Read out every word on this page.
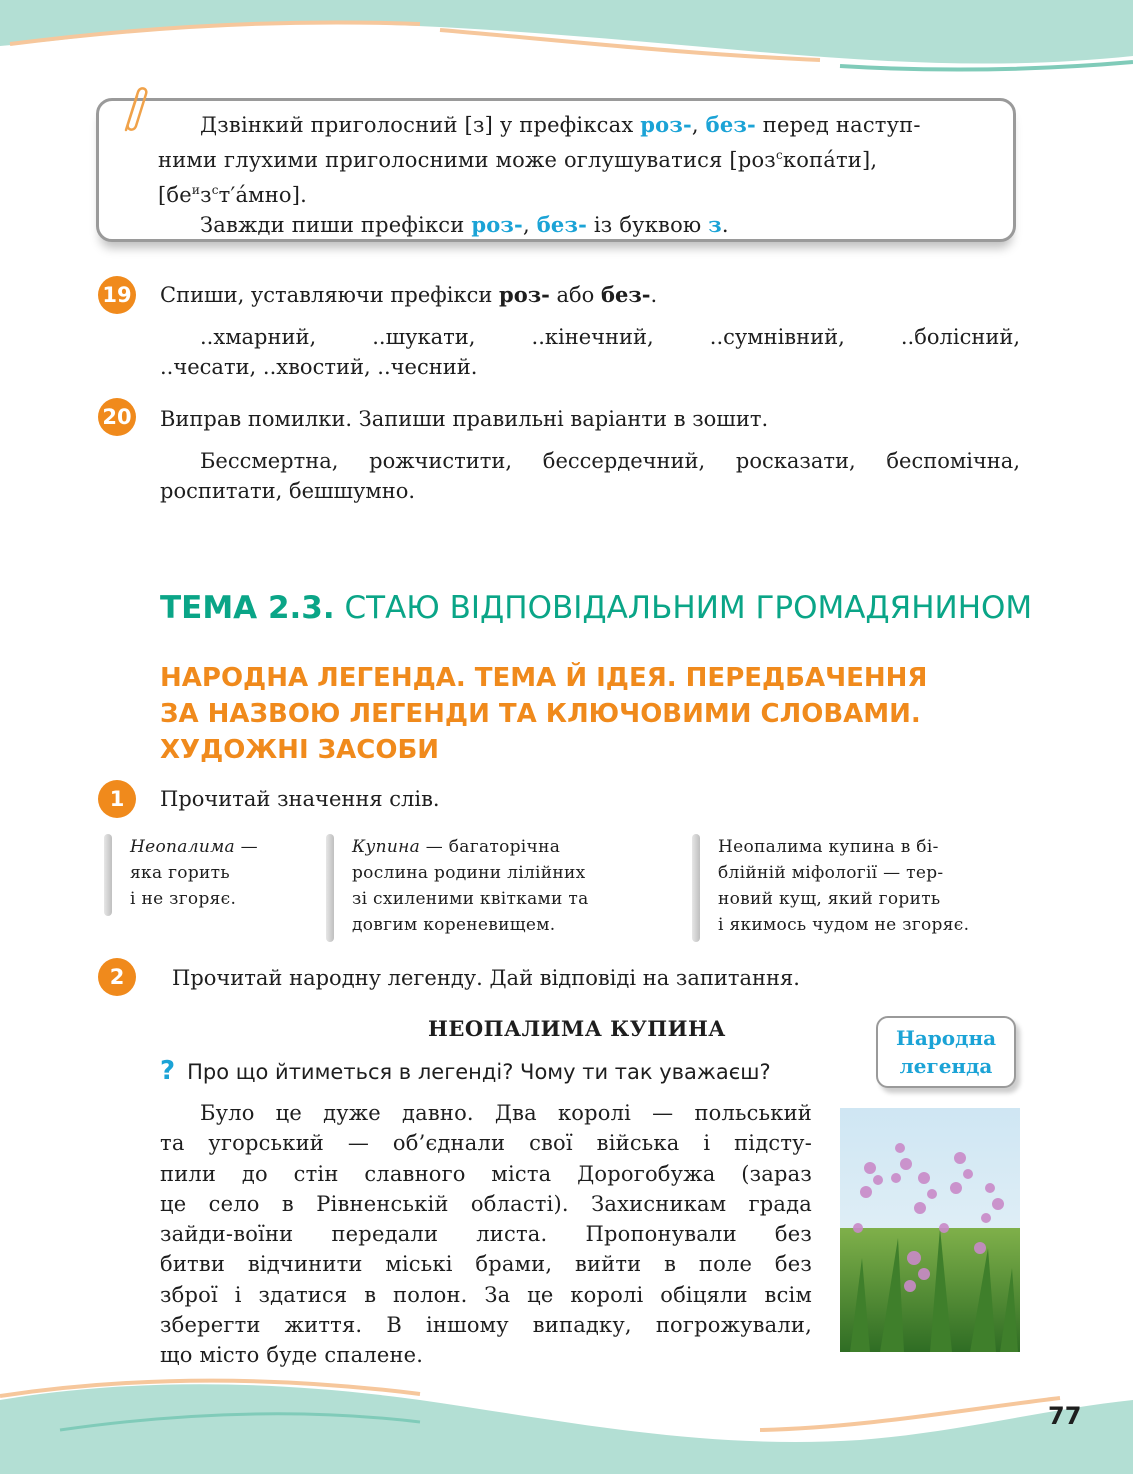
Дзвінкий приголосний [з] у префіксах роз-, без- перед наступ-
ними глухими приголосними може оглушуватися [роз$^с$копа́ти],
$[бе^из^ст'а́мно]$.
Завжди пиши префікси роз-, без- із буквою з.
19 Спиши, уставляючи префікси роз- або без-.
..хмарний, ..шукати, ..кінечний, ..сумнівний, ..болісний,
..чесати, ..хвостий, ..чесний.
20 Виправ помилки. Запиши правильні варіанти в зошит.
Бессмертна, рожчистити, бессердечний, росказати, беспомічна,
роспитати, бешшумно.
ТЕМА 2.3. СТАЮ ВІДПОВІДАЛЬНИМ ГРОМАДЯНИНОМ
НАРОДНА ЛЕГЕНДА. ТЕМА Й ІДЕЯ. ПЕРЕДБАЧЕННЯ
ЗА НАЗВОЮ ЛЕГЕНДИ ТА КЛЮЧОВИМИ СЛОВАМИ.
ХУДОЖНІ ЗАСОБИ
1	Прочитай значення слів.
Неопалима —
яка горить
і не згоряє.
Купина — багаторічна
рослина родини лілійних
зі схиленими квітками та
довгим кореневищем.
Неопалима купина в бі-
блійній міфології — тер-
новий кущ, який горить
і якимось чудом не згоряє.
2	Прочитай народну легенду. Дай відповіді на запитання.
НЕОПАЛИМА КУПИНА
? Про що йтиметься в легенді? Чому ти так уважаєш?
Народна
легенда
Було це дуже давно. Два королі — польський
та угорський — об’єднали свої війська і підсту-
пили до стін славного міста Дорогобужа (зараз
це село в Рівненській області). Захисникам града
зайди-воїни передали листа. Пропонували без
битви відчинити міські брами, вийти в поле без
зброї і здатися в полон. За це королі обіцяли всім
зберегти життя. В іншому випадку, погрожували,
що місто буде спалене.
77
